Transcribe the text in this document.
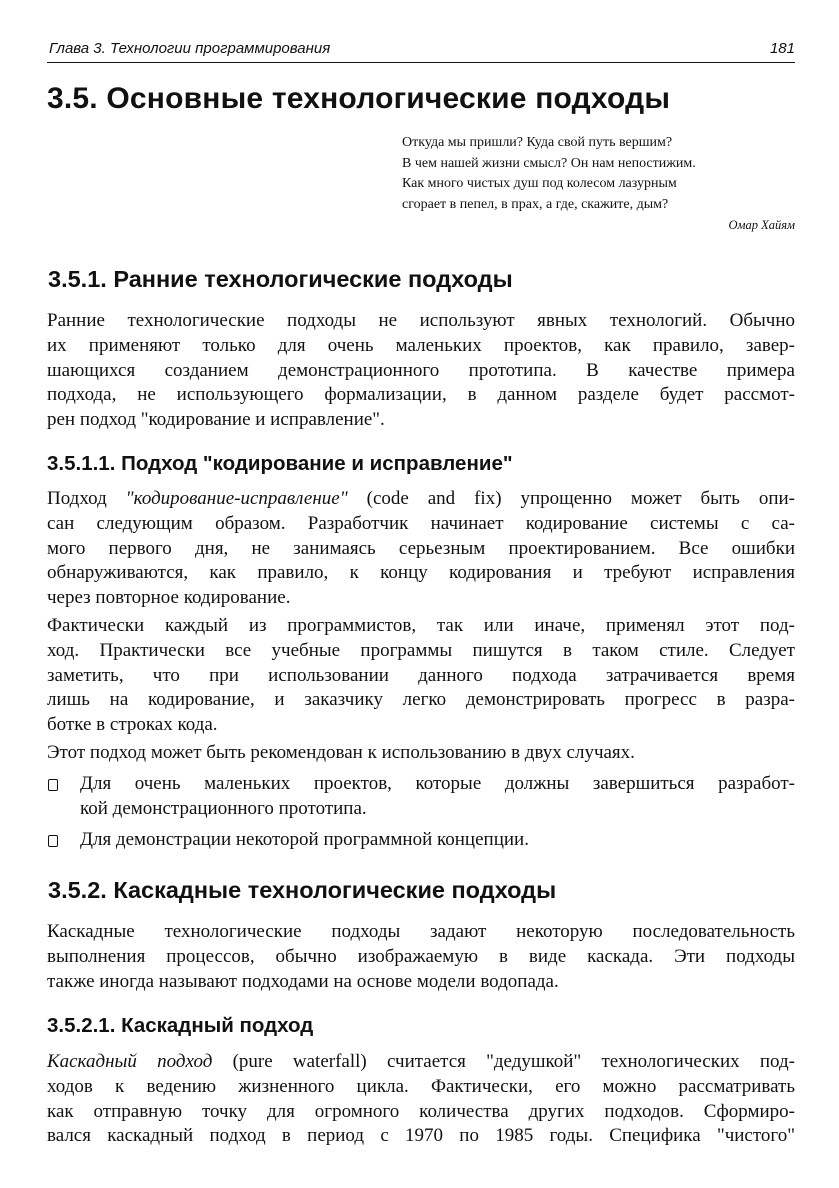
Глава 3. Технологии программирования	181
3.5. Основные технологические подходы
Откуда мы пришли? Куда свой путь вершим?
В чем нашей жизни смысл? Он нам непостижим.
Как много чистых душ под колесом лазурным
сгорает в пепел, в прах, а где, скажите, дым?
Омар Хайям
3.5.1. Ранние технологические подходы
Ранние технологические подходы не используют явных технологий. Обычно
их применяют только для очень маленьких проектов, как правило, завер-
шающихся созданием демонстрационного прототипа. В качестве примера
подхода, не использующего формализации, в данном разделе будет рассмот-
рен подход "кодирование и исправление".
3.5.1.1. Подход "кодирование и исправление"
Подход "кодирование-исправление" (code and fix) упрощенно может быть опи-
сан следующим образом. Разработчик начинает кодирование системы с са-
мого первого дня, не занимаясь серьезным проектированием. Все ошибки
обнаруживаются, как правило, к концу кодирования и требуют исправления
через повторное кодирование.
Фактически каждый из программистов, так или иначе, применял этот под-
ход. Практически все учебные программы пишутся в таком стиле. Следует
заметить, что при использовании данного подхода затрачивается время
лишь на кодирование, и заказчику легко демонстрировать прогресс в разра-
ботке в строках кода.
Этот подход может быть рекомендован к использованию в двух случаях.
Для очень маленьких проектов, которые должны завершиться разработ-
кой демонстрационного прототипа.
Для демонстрации некоторой программной концепции.
3.5.2. Каскадные технологические подходы
Каскадные технологические подходы задают некоторую последовательность
выполнения процессов, обычно изображаемую в виде каскада. Эти подходы
также иногда называют подходами на основе модели водопада.
3.5.2.1. Каскадный подход
Каскадный подход (pure waterfall) считается "дедушкой" технологических под-
ходов к ведению жизненного цикла. Фактически, его можно рассматривать
как отправную точку для огромного количества других подходов. Сформиро-
вался каскадный подход в период с 1970 по 1985 годы. Специфика "чистого"
